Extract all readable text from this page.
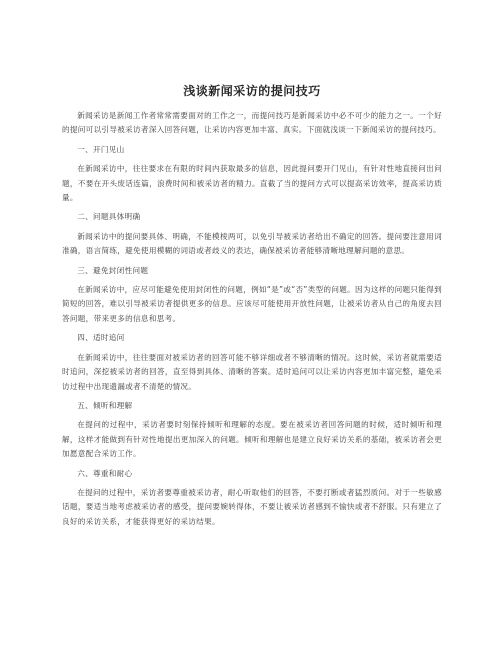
浅谈新闻采访的提问技巧

新闻采访是新闻工作者常常需要面对的工作之一，而提问技巧是新闻采访中必不可少的能力之一。一个好的提问可以引导被采访者深入回答问题，让采访内容更加丰富、真实。下面就浅谈一下新闻采访的提问技巧。

一、开门见山

在新闻采访中，往往要求在有限的时间内获取最多的信息，因此提问要开门见山，有针对性地直接问出问题，不要在开头废话连篇，浪费时间和被采访者的精力。直截了当的提问方式可以提高采访效率，提高采访质量。

二、问题具体明确

新闻采访中的提问要具体、明确，不能模棱两可，以免引导被采访者给出不确定的回答。提问要注意用词准确，语言简练，避免使用模糊的词语或者歧义的表达，确保被采访者能够清晰地理解问题的意思。

三、避免封闭性问题

在新闻采访中，应尽可能避免使用封闭性的问题，例如“是”或“否”类型的问题。因为这样的问题只能得到简短的回答，难以引导被采访者提供更多的信息。应该尽可能使用开放性问题，让被采访者从自己的角度去回答问题，带来更多的信息和思考。

四、适时追问

在新闻采访中，往往要面对被采访者的回答可能不够详细或者不够清晰的情况。这时候，采访者就需要适时追问，深挖被采访者的回答，直至得到具体、清晰的答案。适时追问可以让采访内容更加丰富完整，避免采访过程中出现遗漏或者不清楚的情况。

五、倾听和理解

在提问的过程中，采访者要时刻保持倾听和理解的态度。要在被采访者回答问题的时候，适时倾听和理解，这样才能做到有针对性地提出更加深入的问题。倾听和理解也是建立良好采访关系的基础，被采访者会更加愿意配合采访工作。

六、尊重和耐心

在提问的过程中，采访者要尊重被采访者，耐心听取他们的回答，不要打断或者猛烈质问。对于一些敏感话题，要适当地考虑被采访者的感受，提问要婉转得体，不要让被采访者感到不愉快或者不舒服。只有建立了良好的采访关系，才能获得更好的采访结果。
